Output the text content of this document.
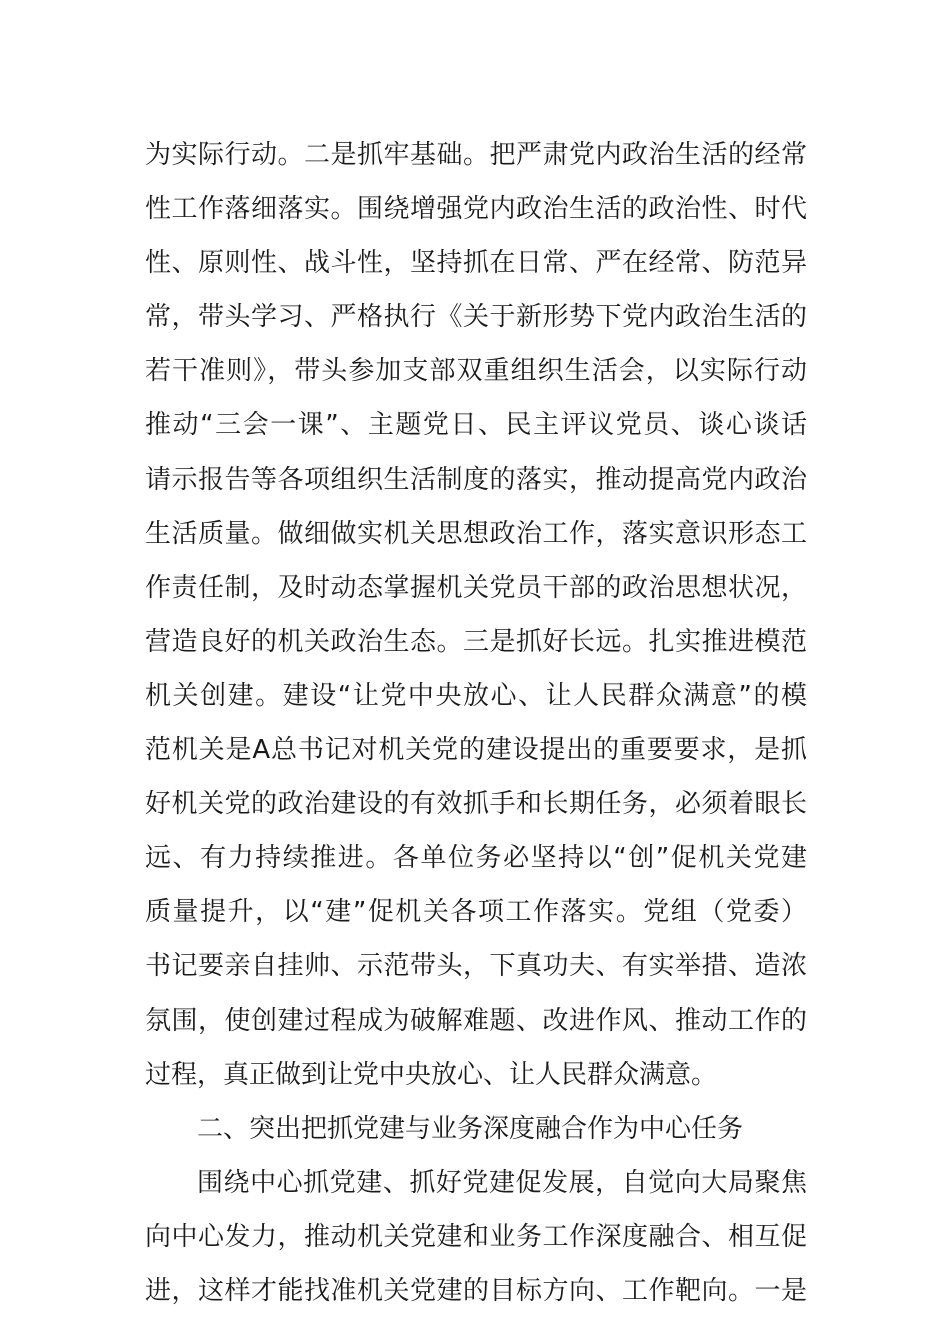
为实际行动。二是抓牢基础。把严肃党内政治生活的经常
性工作落细落实。围绕增强党内政治生活的政治性、时代
性、原则性、战斗性，坚持抓在日常、严在经常、防范异
常，带头学习、严格执行《关于新形势下党内政治生活的
若干准则》，带头参加支部双重组织生活会，以实际行动
推动“三会一课”、主题党日、民主评议党员、谈心谈话
请示报告等各项组织生活制度的落实，推动提高党内政治
生活质量。做细做实机关思想政治工作，落实意识形态工
作责任制，及时动态掌握机关党员干部的政治思想状况，
营造良好的机关政治生态。三是抓好长远。扎实推进模范
机关创建。建设“让党中央放心、让人民群众满意”的模
范机关是A总书记对机关党的建设提出的重要要求，是抓
好机关党的政治建设的有效抓手和长期任务，必须着眼长
远、有力持续推进。各单位务必坚持以“创”促机关党建
质量提升，以“建”促机关各项工作落实。党组（党委）
书记要亲自挂帅、示范带头，下真功夫、有实举措、造浓
氛围，使创建过程成为破解难题、改进作风、推动工作的
过程，真正做到让党中央放心、让人民群众满意。
二、突出把抓党建与业务深度融合作为中心任务
围绕中心抓党建、抓好党建促发展，自觉向大局聚焦
向中心发力，推动机关党建和业务工作深度融合、相互促
进，这样才能找准机关党建的目标方向、工作靶向。一是
